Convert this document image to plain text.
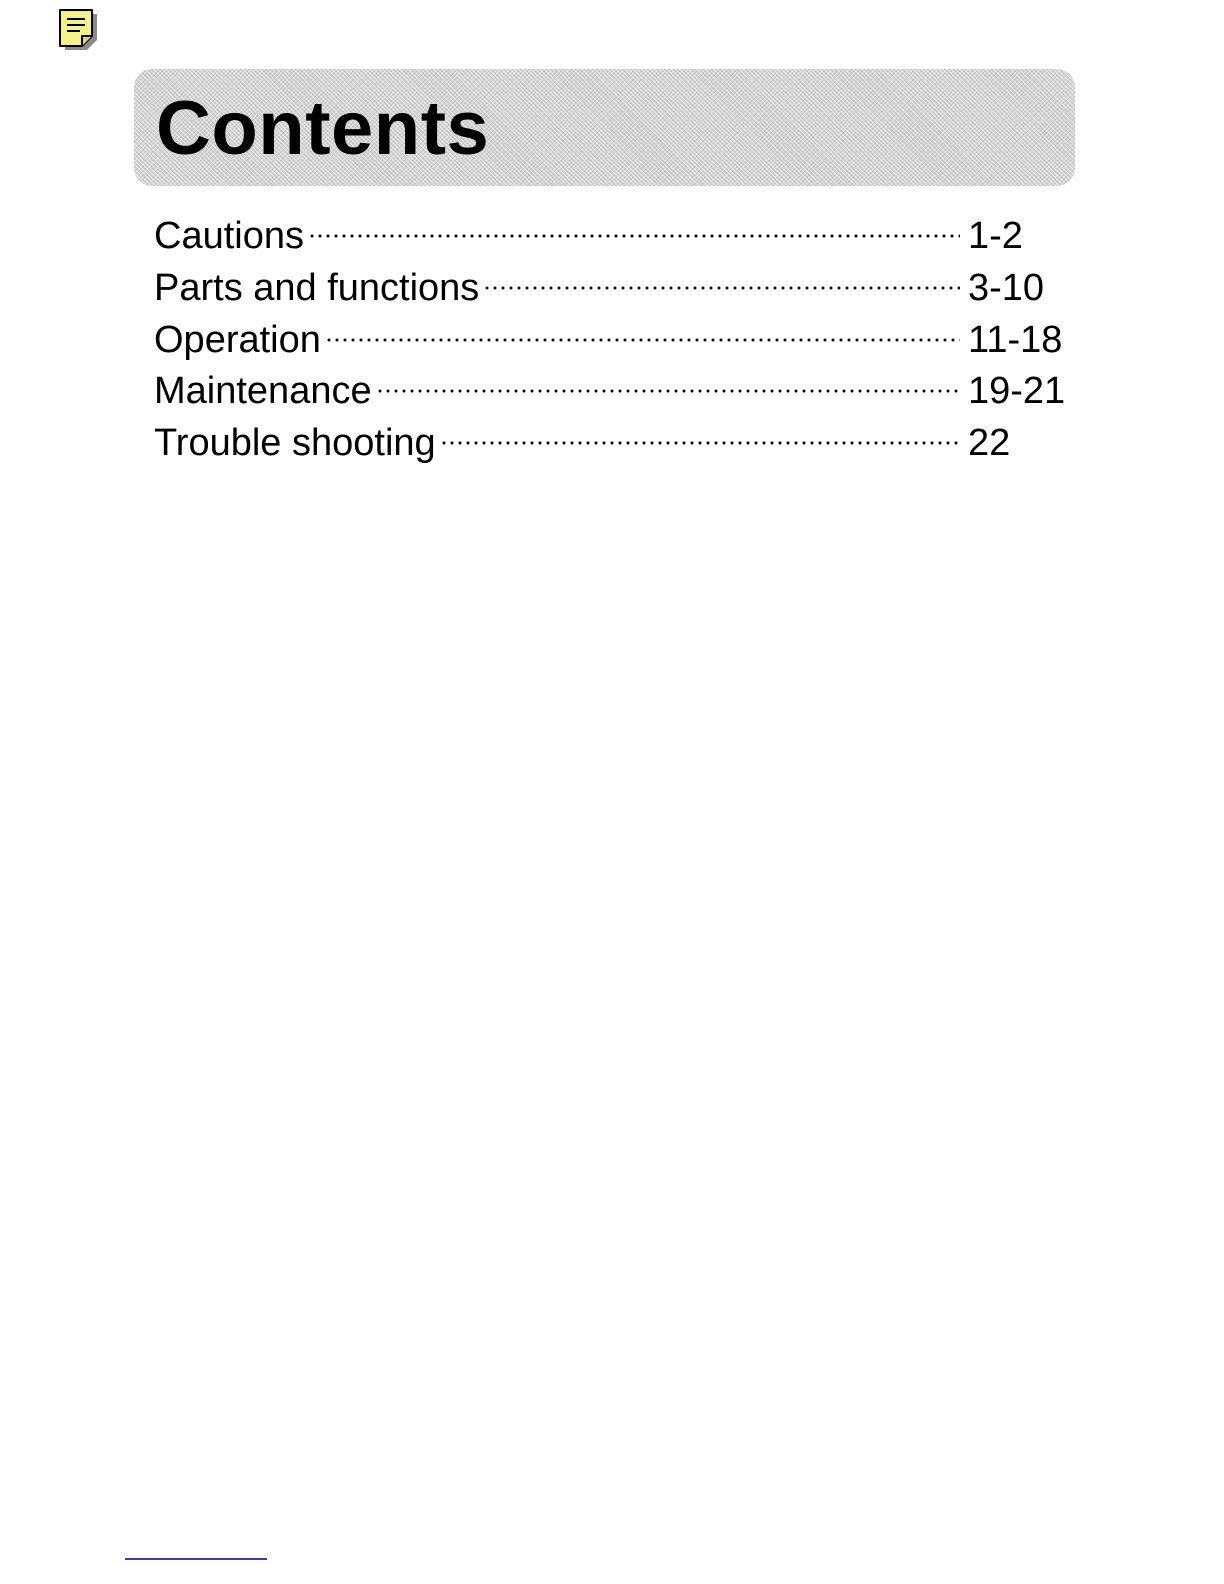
Contents
Cautions	1-2
Parts and functions	3-10
Operation	11-18
Maintenance	19-21
Trouble shooting	22
